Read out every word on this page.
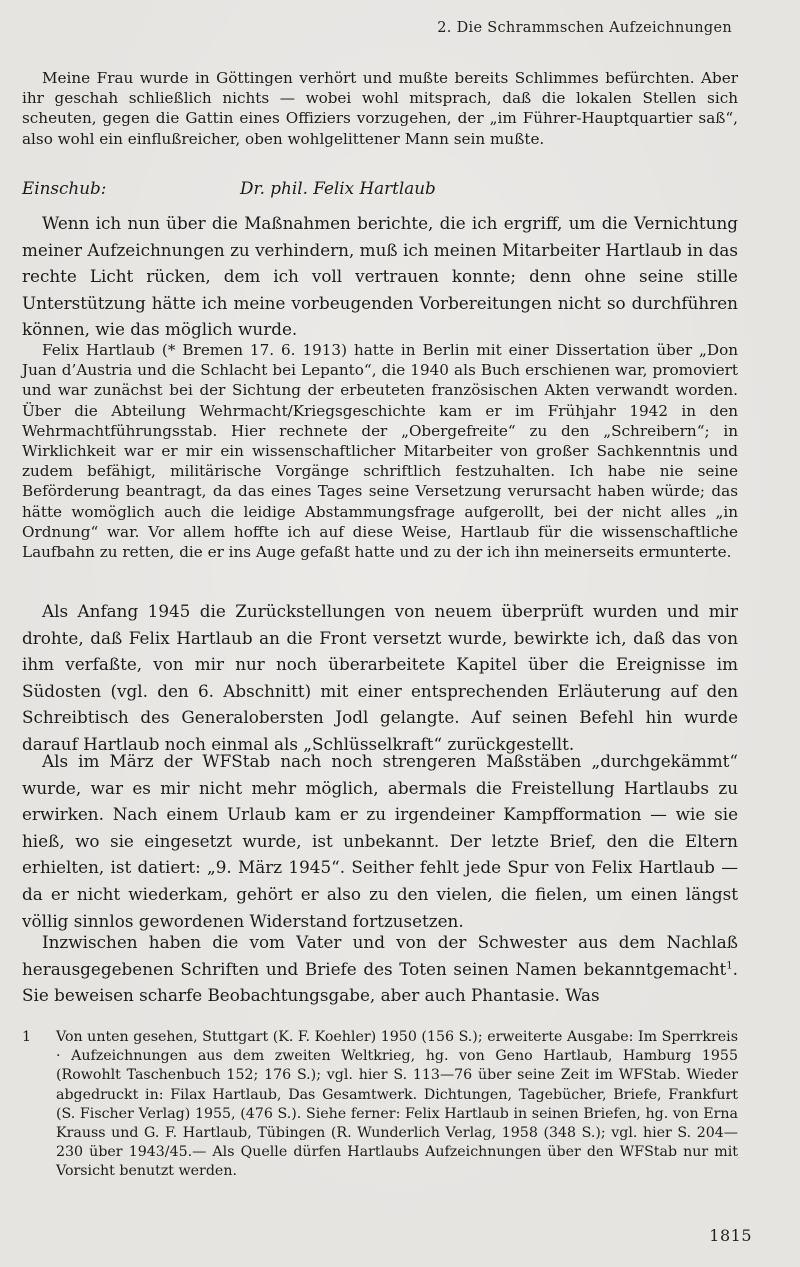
2. Die Schrammschen Aufzeichnungen

Meine Frau wurde in Göttingen verhört und mußte bereits Schlimmes befürchten. Aber ihr geschah schließlich nichts — wobei wohl mitsprach, daß die lokalen Stellen sich scheuten, gegen die Gattin eines Offiziers vorzugehen, der „im Führer-Hauptquartier saß“, also wohl ein einflußreicher, oben wohlgelittener Mann sein mußte.

Einschub:	Dr. phil. Felix Hartlaub

Wenn ich nun über die Maßnahmen berichte, die ich ergriff, um die Vernichtung meiner Aufzeichnungen zu verhindern, muß ich meinen Mitarbeiter Hartlaub in das rechte Licht rücken, dem ich voll vertrauen konnte; denn ohne seine stille Unterstützung hätte ich meine vorbeugenden Vorbereitungen nicht so durchführen können, wie das möglich wurde.

Felix Hartlaub (* Bremen 17. 6. 1913) hatte in Berlin mit einer Dissertation über „Don Juan d’Austria und die Schlacht bei Lepanto“, die 1940 als Buch erschienen war, promoviert und war zunächst bei der Sichtung der erbeuteten französischen Akten verwandt worden. Über die Abteilung Wehrmacht/Kriegsgeschichte kam er im Frühjahr 1942 in den Wehrmachtführungsstab. Hier rechnete der „Obergefreite“ zu den „Schreibern“; in Wirklichkeit war er mir ein wissenschaftlicher Mitarbeiter von großer Sachkenntnis und zudem befähigt, militärische Vorgänge schriftlich festzuhalten. Ich habe nie seine Beförderung beantragt, da das eines Tages seine Versetzung verursacht haben würde; das hätte womöglich auch die leidige Abstammungsfrage aufgerollt, bei der nicht alles „in Ordnung“ war. Vor allem hoffte ich auf diese Weise, Hartlaub für die wissenschaftliche Laufbahn zu retten, die er ins Auge gefaßt hatte und zu der ich ihn meinerseits ermunterte.

Als Anfang 1945 die Zurückstellungen von neuem überprüft wurden und mir drohte, daß Felix Hartlaub an die Front versetzt wurde, bewirkte ich, daß das von ihm verfaßte, von mir nur noch überarbeitete Kapitel über die Ereignisse im Südosten (vgl. den 6. Abschnitt) mit einer entsprechenden Erläuterung auf den Schreibtisch des Generalobersten Jodl gelangte. Auf seinen Befehl hin wurde darauf Hartlaub noch einmal als „Schlüsselkraft“ zurückgestellt.

Als im März der WFStab nach noch strengeren Maßstäben „durchgekämmt“ wurde, war es mir nicht mehr möglich, abermals die Freistellung Hartlaubs zu erwirken. Nach einem Urlaub kam er zu irgendeiner Kampfformation — wie sie hieß, wo sie eingesetzt wurde, ist unbekannt. Der letzte Brief, den die Eltern erhielten, ist datiert: „9. März 1945“. Seither fehlt jede Spur von Felix Hartlaub — da er nicht wiederkam, gehört er also zu den vielen, die fielen, um einen längst völlig sinnlos gewordenen Widerstand fortzusetzen.

Inzwischen haben die vom Vater und von der Schwester aus dem Nachlaß herausgegebenen Schriften und Briefe des Toten seinen Namen bekanntgemacht$^1$. Sie beweisen scharfe Beobachtungsgabe, aber auch Phantasie. Was

1	Von unten gesehen, Stuttgart (K. F. Koehler) 1950 (156 S.); erweiterte Ausgabe: Im Sperrkreis · Aufzeichnungen aus dem zweiten Weltkrieg, hg. von Geno Hartlaub, Hamburg 1955 (Rowohlt Taschenbuch 152; 176 S.); vgl. hier S. 113—76 über seine Zeit im WFStab. Wieder abgedruckt in: Filax Hartlaub, Das Gesamtwerk. Dichtungen, Tagebücher, Briefe, Frankfurt (S. Fischer Verlag) 1955, (476 S.). Siehe ferner: Felix Hartlaub in seinen Briefen, hg. von Erna Krauss und G. F. Hartlaub, Tübingen (R. Wunderlich Verlag, 1958 (348 S.); vgl. hier S. 204—230 über 1943/45.— Als Quelle dürfen Hartlaubs Aufzeichnungen über den WFStab nur mit Vorsicht benutzt werden.
1815
